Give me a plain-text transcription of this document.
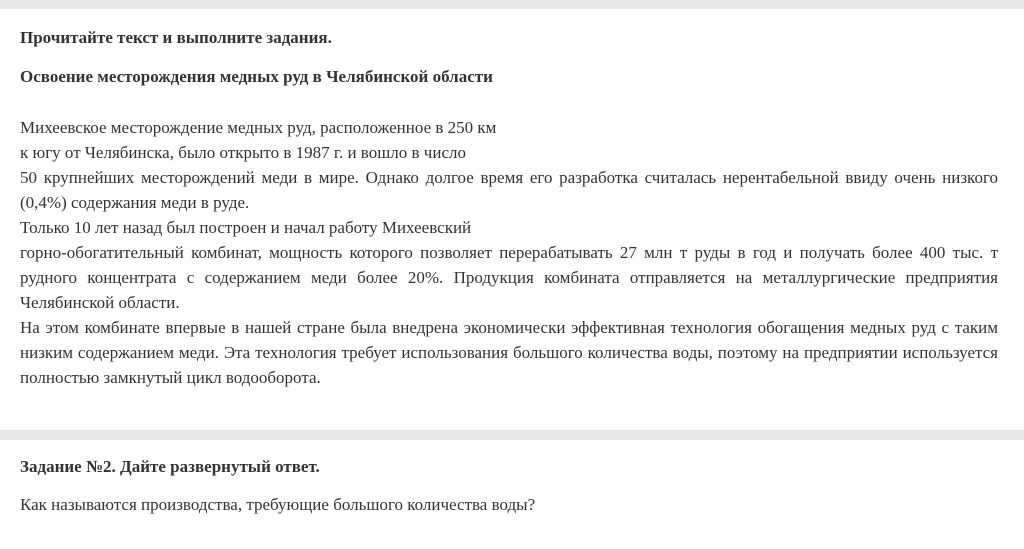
Прочитайте текст и выполните задания.

Освоение месторождения медных руд в Челябинской области

Михеевское месторождение медных руд, расположенное в 250 км

к югу от Челябинска, было открыто в 1987 г. и вошло в число

50 крупнейших месторождений меди в мире. Однако долгое время его разработка считалась нерентабельной ввиду очень низкого (0,4%) содержания меди в руде.

Только 10 лет назад был построен и начал работу Михеевский

горно-обогатительный комбинат, мощность которого позволяет перерабатывать 27 млн т руды в год и получать более 400 тыс. т рудного концентрата с содержанием меди более 20%. Продукция комбината отправляется на металлургические предприятия Челябинской области.

На этом комбинате впервые в нашей стране была внедрена экономически эффективная технология обогащения медных руд с таким низким содержанием меди. Эта технология требует использования большого количества воды, поэтому на предприятии используется полностью замкнутый цикл водооборота.

Задание №2. Дайте развернутый ответ.

Как называются производства, требующие большого количества воды?
